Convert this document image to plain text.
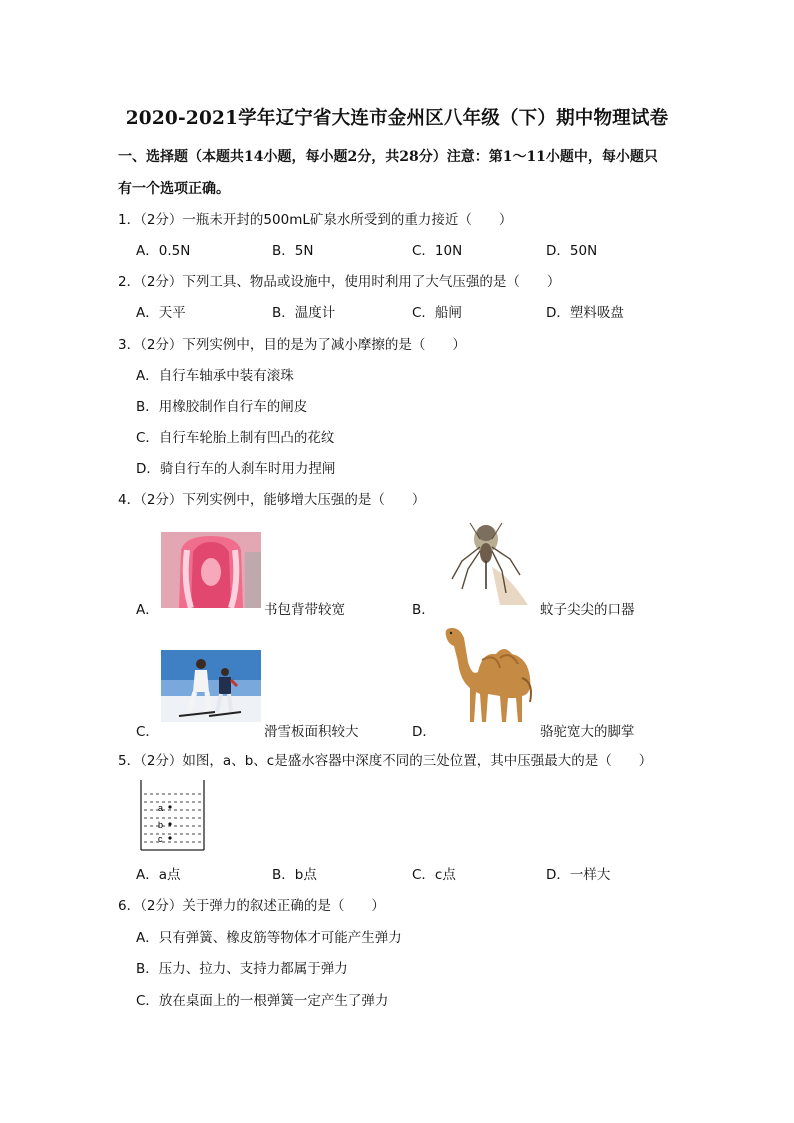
2020-2021学年辽宁省大连市金州区八年级（下）期中物理试卷
一、选择题（本题共14小题，每小题2分，共28分）注意：第1～11小题中，每小题只
有一个选项正确。
1．（2分）一瓶未开封的500mL矿泉水所受到的重力接近（　　）
A．0.5N	B．5N	C．10N	D．50N
2．（2分）下列工具、物品或设施中，使用时利用了大气压强的是（　　）
A．天平	B．温度计	C．船闸	D．塑料吸盘
3．（2分）下列实例中，目的是为了减小摩擦的是（　　）
A．自行车轴承中装有滚珠
B．用橡胶制作自行车的闸皮
C．自行车轮胎上制有凹凸的花纹
D．骑自行车的人刹车时用力捏闸
4．（2分）下列实例中，能够增大压强的是（　　）
A．	书包背带较宽	B．	蚊子尖尖的口器
C．	滑雪板面积较大	D．	骆驼宽大的脚掌
5．（2分）如图，a、b、c是盛水容器中深度不同的三处位置，其中压强最大的是（　　）
a
b
c
A．a点	B．b点	C．c点	D．一样大
6．（2分）关于弹力的叙述正确的是（　　）
A．只有弹簧、橡皮筋等物体才可能产生弹力
B．压力、拉力、支持力都属于弹力
C．放在桌面上的一根弹簧一定产生了弹力
